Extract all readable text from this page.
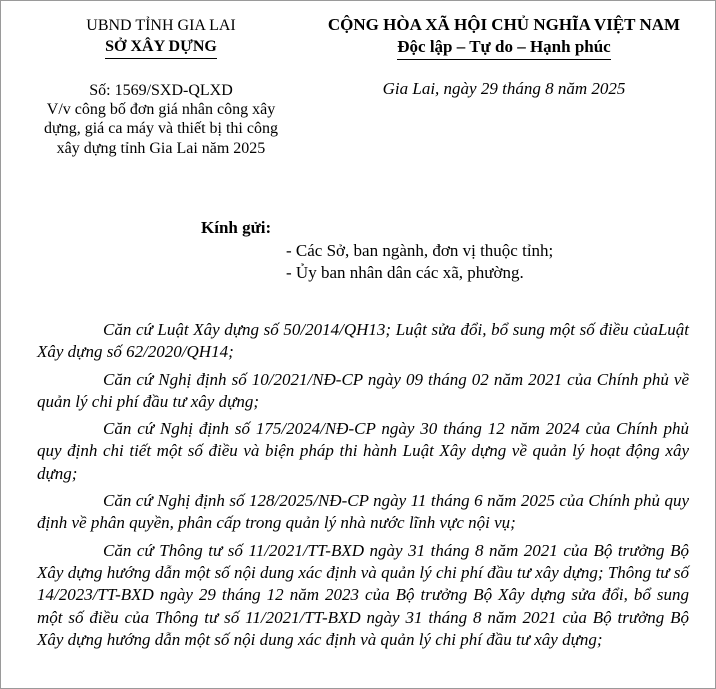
UBND TỈNH GIA LAI
SỞ XÂY DỰNG
CỘNG HÒA XÃ HỘI CHỦ NGHĨA VIỆT NAM
Độc lập – Tự do – Hạnh phúc
Số: 1569/SXD-QLXD
V/v công bố đơn giá nhân công xây dựng, giá ca máy và thiết bị thi công xây dựng tỉnh Gia Lai năm 2025
Gia Lai, ngày 29 tháng 8 năm 2025
Kính gửi:
- Các Sở, ban ngành, đơn vị thuộc tỉnh;
- Ủy ban nhân dân các xã, phường.

Căn cứ Luật Xây dựng số 50/2014/QH13; Luật sửa đổi, bổ sung một số điều củaLuật Xây dựng số 62/2020/QH14;

Căn cứ Nghị định số 10/2021/NĐ-CP ngày 09 tháng 02 năm 2021 của Chính phủ về quản lý chi phí đầu tư xây dựng;

Căn cứ Nghị định số 175/2024/NĐ-CP ngày 30 tháng 12 năm 2024 của Chính phủ quy định chi tiết một số điều và biện pháp thi hành Luật Xây dựng về quản lý hoạt động xây dựng;

Căn cứ Nghị định số 128/2025/NĐ-CP ngày 11 tháng 6 năm 2025 của Chính phủ quy định về phân quyền, phân cấp trong quản lý nhà nước lĩnh vực nội vụ;

Căn cứ Thông tư số 11/2021/TT-BXD ngày 31 tháng 8 năm 2021 của Bộ trưởng Bộ Xây dựng hướng dẫn một số nội dung xác định và quản lý chi phí đầu tư xây dựng; Thông tư số 14/2023/TT-BXD ngày 29 tháng 12 năm 2023 của Bộ trưởng Bộ Xây dựng sửa đổi, bổ sung một số điều của Thông tư số 11/2021/TT-BXD ngày 31 tháng 8 năm 2021 của Bộ trưởng Bộ Xây dựng hướng dẫn một số nội dung xác định và quản lý chi phí đầu tư xây dựng;
